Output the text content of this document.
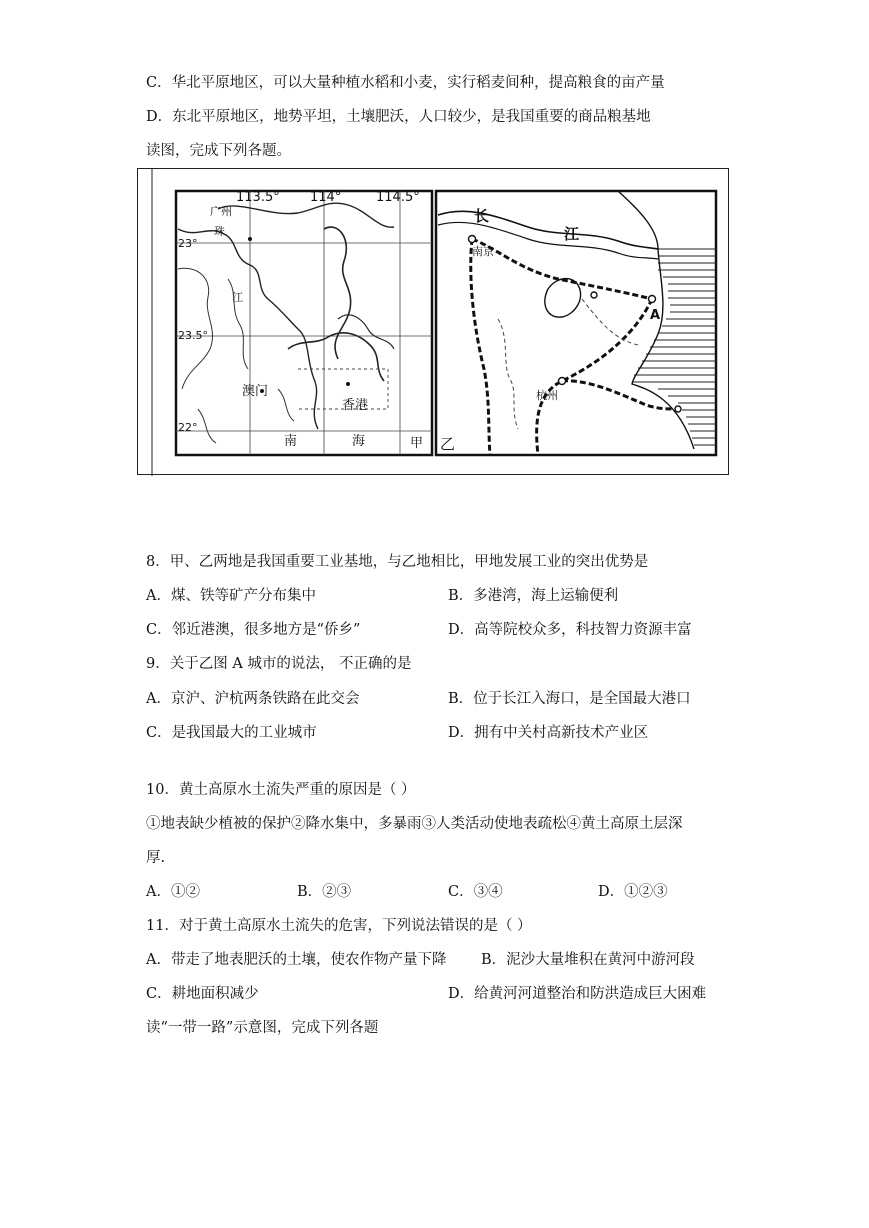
C．华北平原地区，可以大量种植水稻和小麦，实行稻麦间种，提高粮食的亩产量
D．东北平原地区，地势平坦，土壤肥沃，人口较少，是我国重要的商品粮基地
读图，完成下列各题。
113.5° 114°	114.5°
23°
23.5°
22°
广州
珠
江
澳门
香港
南	海	甲
长
江
南京
A
杭州
乙
8．甲、乙两地是我国重要工业基地，与乙地相比，甲地发展工业的突出优势是
A．煤、铁等矿产分布集中	B．多港湾，海上运输便利
C．邻近港澳，很多地方是“侨乡”	D．高等院校众多，科技智力资源丰富
9．关于乙图 A 城市的说法， 不正确的是
A．京沪、沪杭两条铁路在此交会	B．位于长江入海口，是全国最大港口
C．是我国最大的工业城市	D．拥有中关村高新技术产业区
10．黄土高原水土流失严重的原因是（ ）
①地表缺少植被的保护②降水集中，多暴雨③人类活动使地表疏松④黄土高原土层深
厚.
A．①②	B．②③	C．③④	D．①②③
11．对于黄土高原水土流失的危害，下列说法错误的是（ ）
A．带走了地表肥沃的土壤，使农作物产量下降 B．泥沙大量堆积在黄河中游河段
C．耕地面积减少	D．给黄河河道整治和防洪造成巨大困难
读“一带一路”示意图，完成下列各题
